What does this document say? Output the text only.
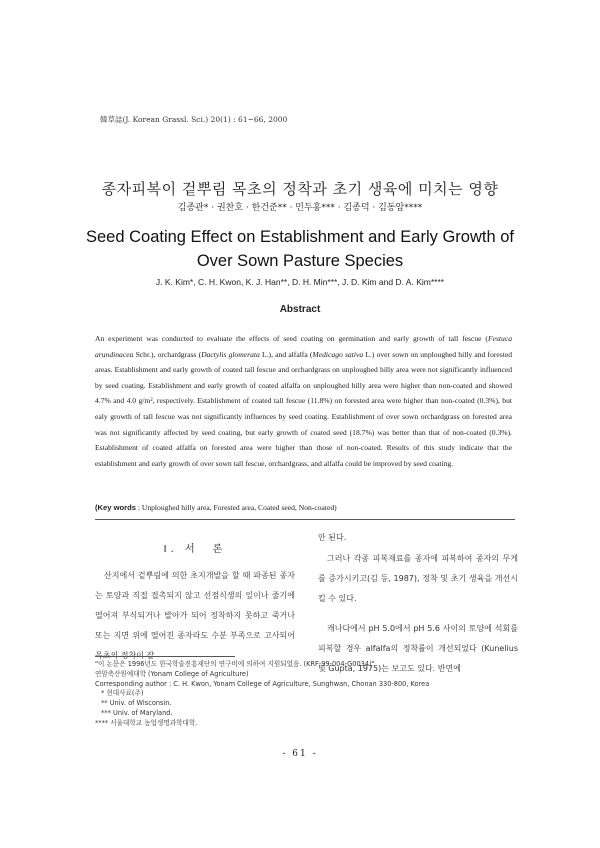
韓草誌(J. Korean Grassl. Sci.) 20(1) : 61~66, 2000
종자피복이 겉뿌림 목초의 정착과 초기 생육에 미치는 영향
김종관* · 권찬호 · 한건준** · 민두홍*** · 김종덕 · 김동암****
Seed Coating Effect on Establishment and Early Growth of
Over Sown Pasture Species
J. K. Kim*, C. H. Kwon, K. J. Han**, D. H. Min***, J. D. Kim and D. A. Kim****
Abstract
An experiment was conducted to evaluate the effects of seed coating on germination and early growth of tall fescue (Festuca arundinacea Schr.), orchardgrass (Dactylis glomerata L.), and alfalfa (Medicago sativa L.) over sown on unploughed hilly and forested areas. Establishment and early growth of coated tall fescue and orchardgrass on unploughed hilly area were not significantly influenced by seed coating. Establishment and early growth of coated alfalfa on unploughed hilly area were higher than non-coated and showed 4.7% and 4.0 g/m², respectively. Establishment of coated tall fescue (11.8%) on forested area were higher than non-coated (0.3%), but ealy growth of tall fescue was not significantly influences by seed coating. Establishment of over sown orchardgrass on forested area was not significantly affected by seed coating, but early growth of coated seed (18.7%) was better than that of non-coated (0.3%). Establishment of coated alfalfa on forested area were higher than those of non-coated. Results of this study indicate that the establishment and early growth of over sown tall fescue, orchardgrass, and alfalfa could be improved by seed coating.
(Key words : Unploughed hilly area, Forested area, Coated seed, Non-coated)
I. 서　론
산지에서 겉뿌림에 의한 초지개발을 할 때 파종된 종자는 토양과 직접 접촉되지 않고 선점식생의 잎이나 줄기에 떨어져 부식되거나 발아가 되어 정착하지 못하고 죽거나 또는 지면 위에 떨어진 종자라도 수분 부족으로 고사되어 목초의 정착이 잘
안 된다.

그러나 각종 피복재료를 종자에 피복하여 종자의 무게를 증가시키고(김 등, 1987), 정착 및 초기 생육을 개선시킬 수 있다.

캐나다에서 pH 5.0에서 pH 5.6 사이의 토양에 석회를 피복할 경우 alfalfa의 정착률이 개선되었다 (Kunelius 및 Gupta, 1975)는 보고도 있다. 반면에

"이 논문은 1996년도 한국학술진흥재단의 연구비에 의하여 지원되었음. (KRF-99-004-G0034)"
연암축산원예대학 (Yonam College of Agriculture)
Corresponding author : C. H. Kwon, Yonam College of Agriculture, Sunghwan, Chonan 330-800, Korea
* 현대사료(주)
** Univ. of Wisconsin.
*** Univ. of Maryland.
**** 서울대학교 농업생명과학대학.
- 61 -
